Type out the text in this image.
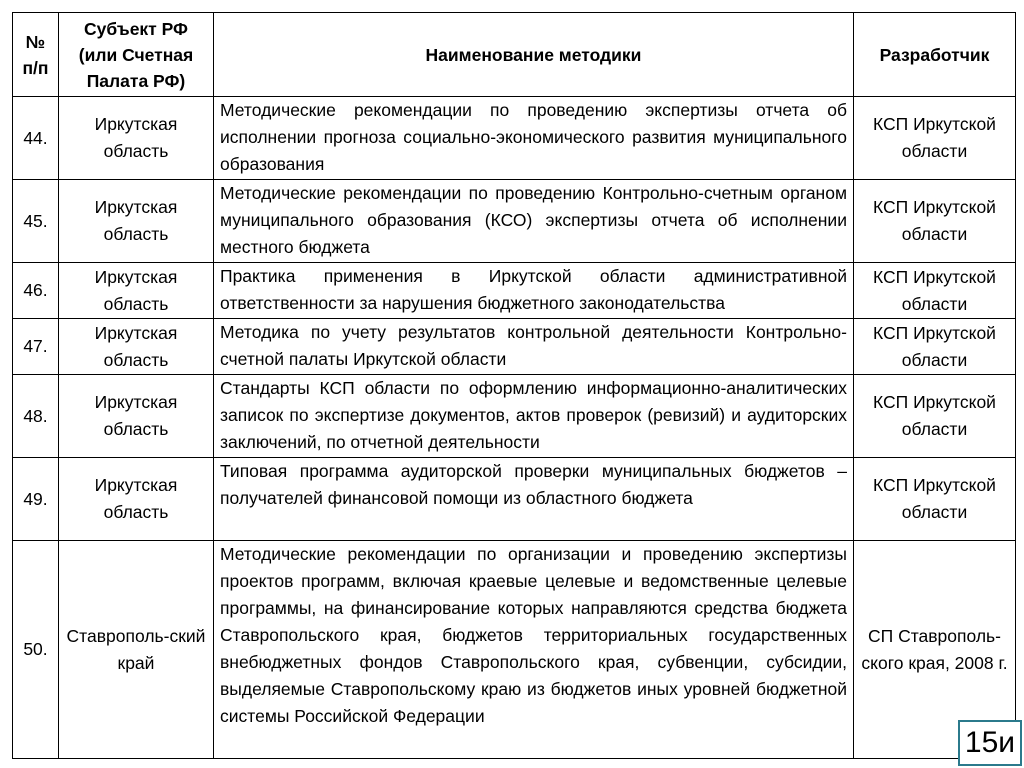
№ п/п	Субъект РФ (или Счетная Палата РФ)	Наименование методики	Разработчик
44.	Иркутская область	Методические рекомендации по проведению экспертизы отчета об исполнении прогноза социально-экономического развития муниципального образования	КСП Иркутской области
45.	Иркутская область	Методические рекомендации по проведению Контрольно-счетным органом муниципального образования (КСО) экспертизы отчета об исполнении местного бюджета	КСП Иркутской области
46.	Иркутская область	Практика применения в Иркутской области административной ответственности за нарушения бюджетного законодательства	КСП Иркутской области
47.	Иркутская область	Методика по учету результатов контрольной деятельности Контрольно-счетной палаты Иркутской области	КСП Иркутской области
48.	Иркутская область	Стандарты КСП области по оформлению информационно-аналитических записок по экспертизе документов, актов проверок (ревизий) и аудиторских заключений, по отчетной деятельности	КСП Иркутской области
49.	Иркутская область	Типовая программа аудиторской проверки муниципальных бюджетов – получателей финансовой помощи из областного бюджета	КСП Иркутской области
50.	Ставрополь-ский край	Методические рекомендации по организации и проведению экспертизы проектов программ, включая краевые целевые и ведомственные целевые программы, на финансирование которых направляются средства бюджета Ставропольского края, бюджетов территориальных государственных внебюджетных фондов Ставропольского края, субвенции, субсидии, выделяемые Ставропольскому краю из бюджетов иных уровней бюджетной системы Российской Федерации	СП Ставрополь-ского края, 2008 г.
15и
